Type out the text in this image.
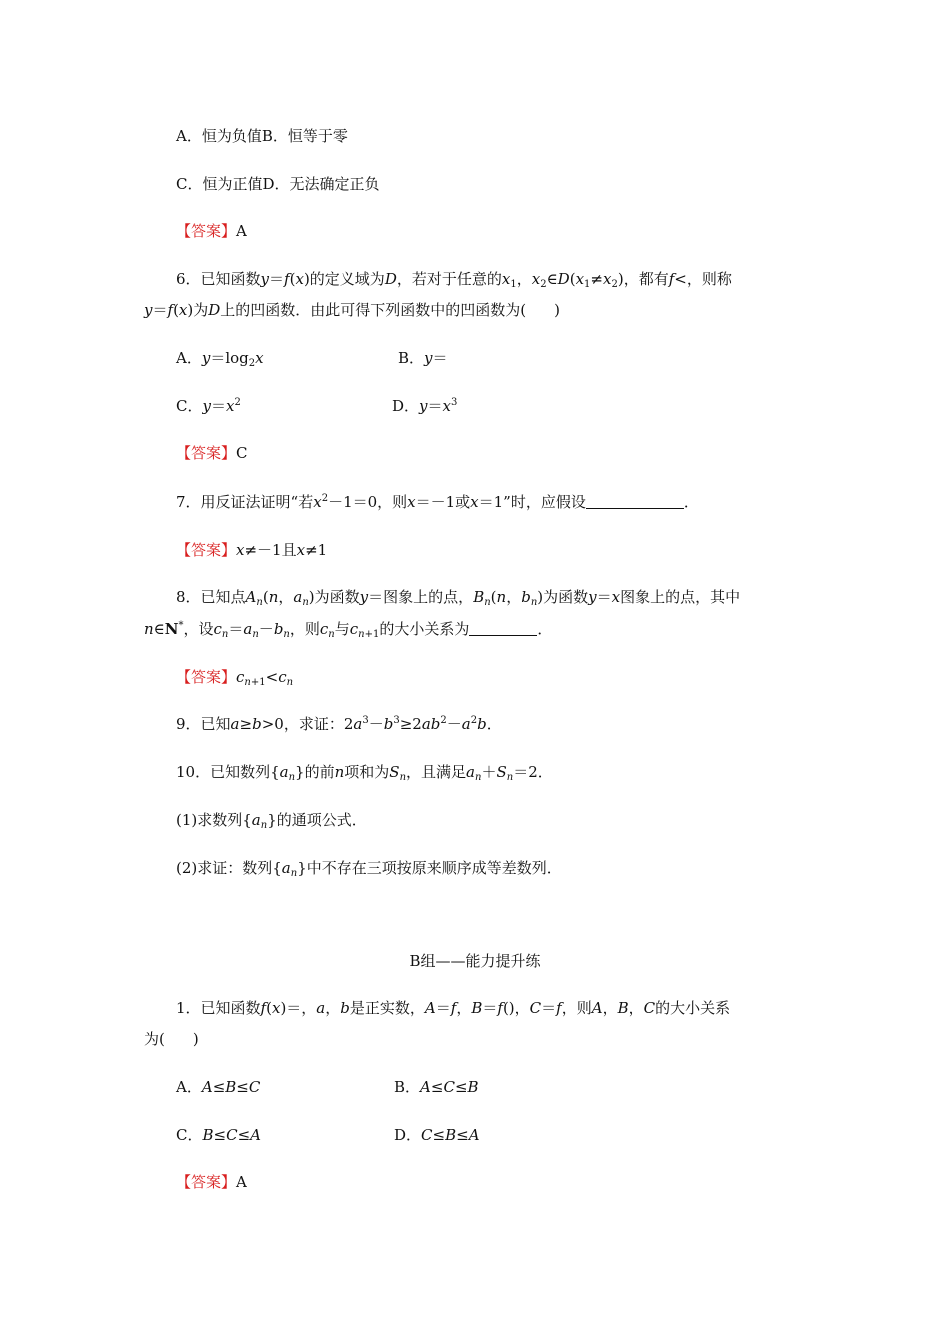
A．恒为负值B．恒等于零
C．恒为正值D．无法确定正负
【答案】A
6．已知函数y＝f(x)的定义域为D，若对于任意的$x_1$，$x_2\in D(x_1\ne x_2)$，都有f<，则称
y＝f(x)为D上的凹函数．由此可得下列函数中的凹函数为( )
A．$y=\log_2x$	B．y＝
C．$y=x^2$	D．$y=x^3$
【答案】C
7．用反证法证明“若$x^2-1=0$，则x＝－1或x＝1”时，应假设	．
【答案】x≠－1且x≠1
8．已知点$A_n(n$，$a_n$)为函数y＝图象上的点，$B_n(n$，$b_n$)为函数y＝x图象上的点，其中
n∈N*，设$c_n=a_n-b_n$，则$c_n$与$c_{n+1}$的大小关系为	．
【答案】$c_{n+1}<c_n$
9．已知a≥b>0，求证：$2a^3-b^3\ge 2ab^2-a^2b$．
10．已知数列$\{a_n\}$的前n项和为$S_n$，且满足$a_n+S_n=2$．
(1)求数列$\{a_n\}$的通项公式．
(2)求证：数列$\{a_n\}$中不存在三项按原来顺序成等差数列．
B组——能力提升练
1．已知函数f(x)＝，a，b是正实数，A＝f，B＝f()，C＝f，则A，B，C的大小关系
为( )
A．A≤B≤C	B．A≤C≤B
C．B≤C≤A	D．C≤B≤A
【答案】A
